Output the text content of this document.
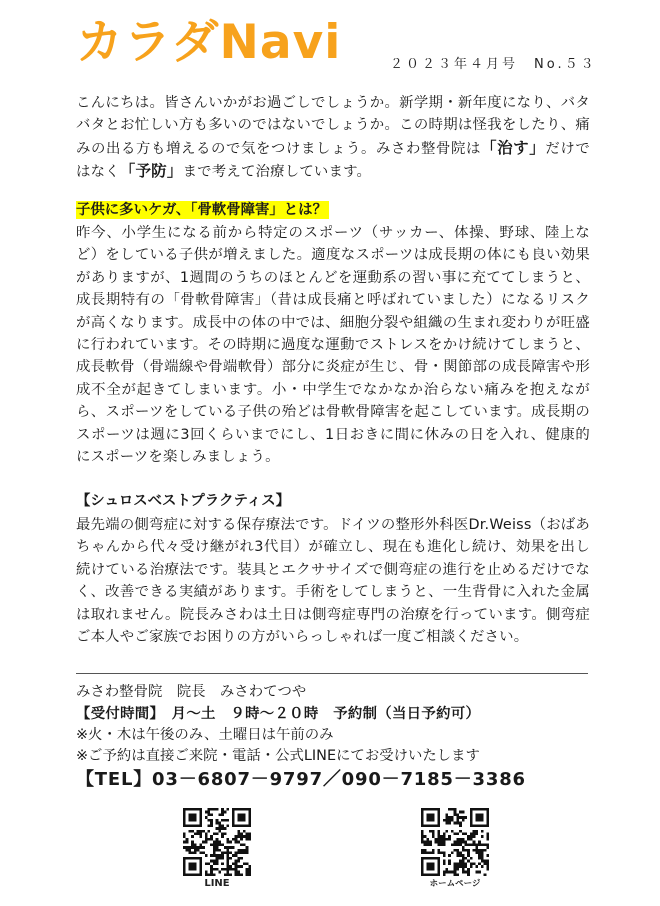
カラダNavi	２０２３年４月号　No.５３

こんにちは。皆さんいかがお過ごしでしょうか。新学期・新年度になり、バタバタとお忙しい方も多いのではないでしょうか。この時期は怪我をしたり、痛みの出る方も増えるので気をつけましょう。みさわ整骨院は「治す」だけではなく「予防」まで考えて治療しています。

子供に多いケガ、「骨軟骨障害」とは？

昨今、小学生になる前から特定のスポーツ（サッカー、体操、野球、陸上など）をしている子供が増えました。適度なスポーツは成長期の体にも良い効果がありますが、1週間のうちのほとんどを運動系の習い事に充ててしまうと、成長期特有の「骨軟骨障害」（昔は成長痛と呼ばれていました）になるリスクが高くなります。成長中の体の中では、細胞分裂や組織の生まれ変わりが旺盛に行われています。その時期に過度な運動でストレスをかけ続けてしまうと、成長軟骨（骨端線や骨端軟骨）部分に炎症が生じ、骨・関節部の成長障害や形成不全が起きてしまいます。小・中学生でなかなか治らない痛みを抱えながら、スポーツをしている子供の殆どは骨軟骨障害を起こしています。成長期のスポーツは週に3回くらいまでにし、1日おきに間に休みの日を入れ、健康的にスポーツを楽しみましょう。

【シュロスベストプラクティス】

最先端の側弯症に対する保存療法です。ドイツの整形外科医Dr.Weiss（おばあちゃんから代々受け継がれ3代目）が確立し、現在も進化し続け、効果を出し続けている治療法です。装具とエクササイズで側弯症の進行を止めるだけでなく、改善できる実績があります。手術をしてしまうと、一生背骨に入れた金属は取れません。院長みさわは土日は側弯症専門の治療を行っています。側弯症ご本人やご家族でお困りの方がいらっしゃれば一度ご相談ください。

みさわ整骨院　院長　みさわてつや

【受付時間】　月〜土　９時〜２０時　予約制（当日予約可）

※火・木は午後のみ、土曜日は午前のみ

※ご予約は直接ご来院・電話・公式LINEにてお受けいたします

【TEL】03－6807－9797／090－7185－3386

LINE	ホームページ
